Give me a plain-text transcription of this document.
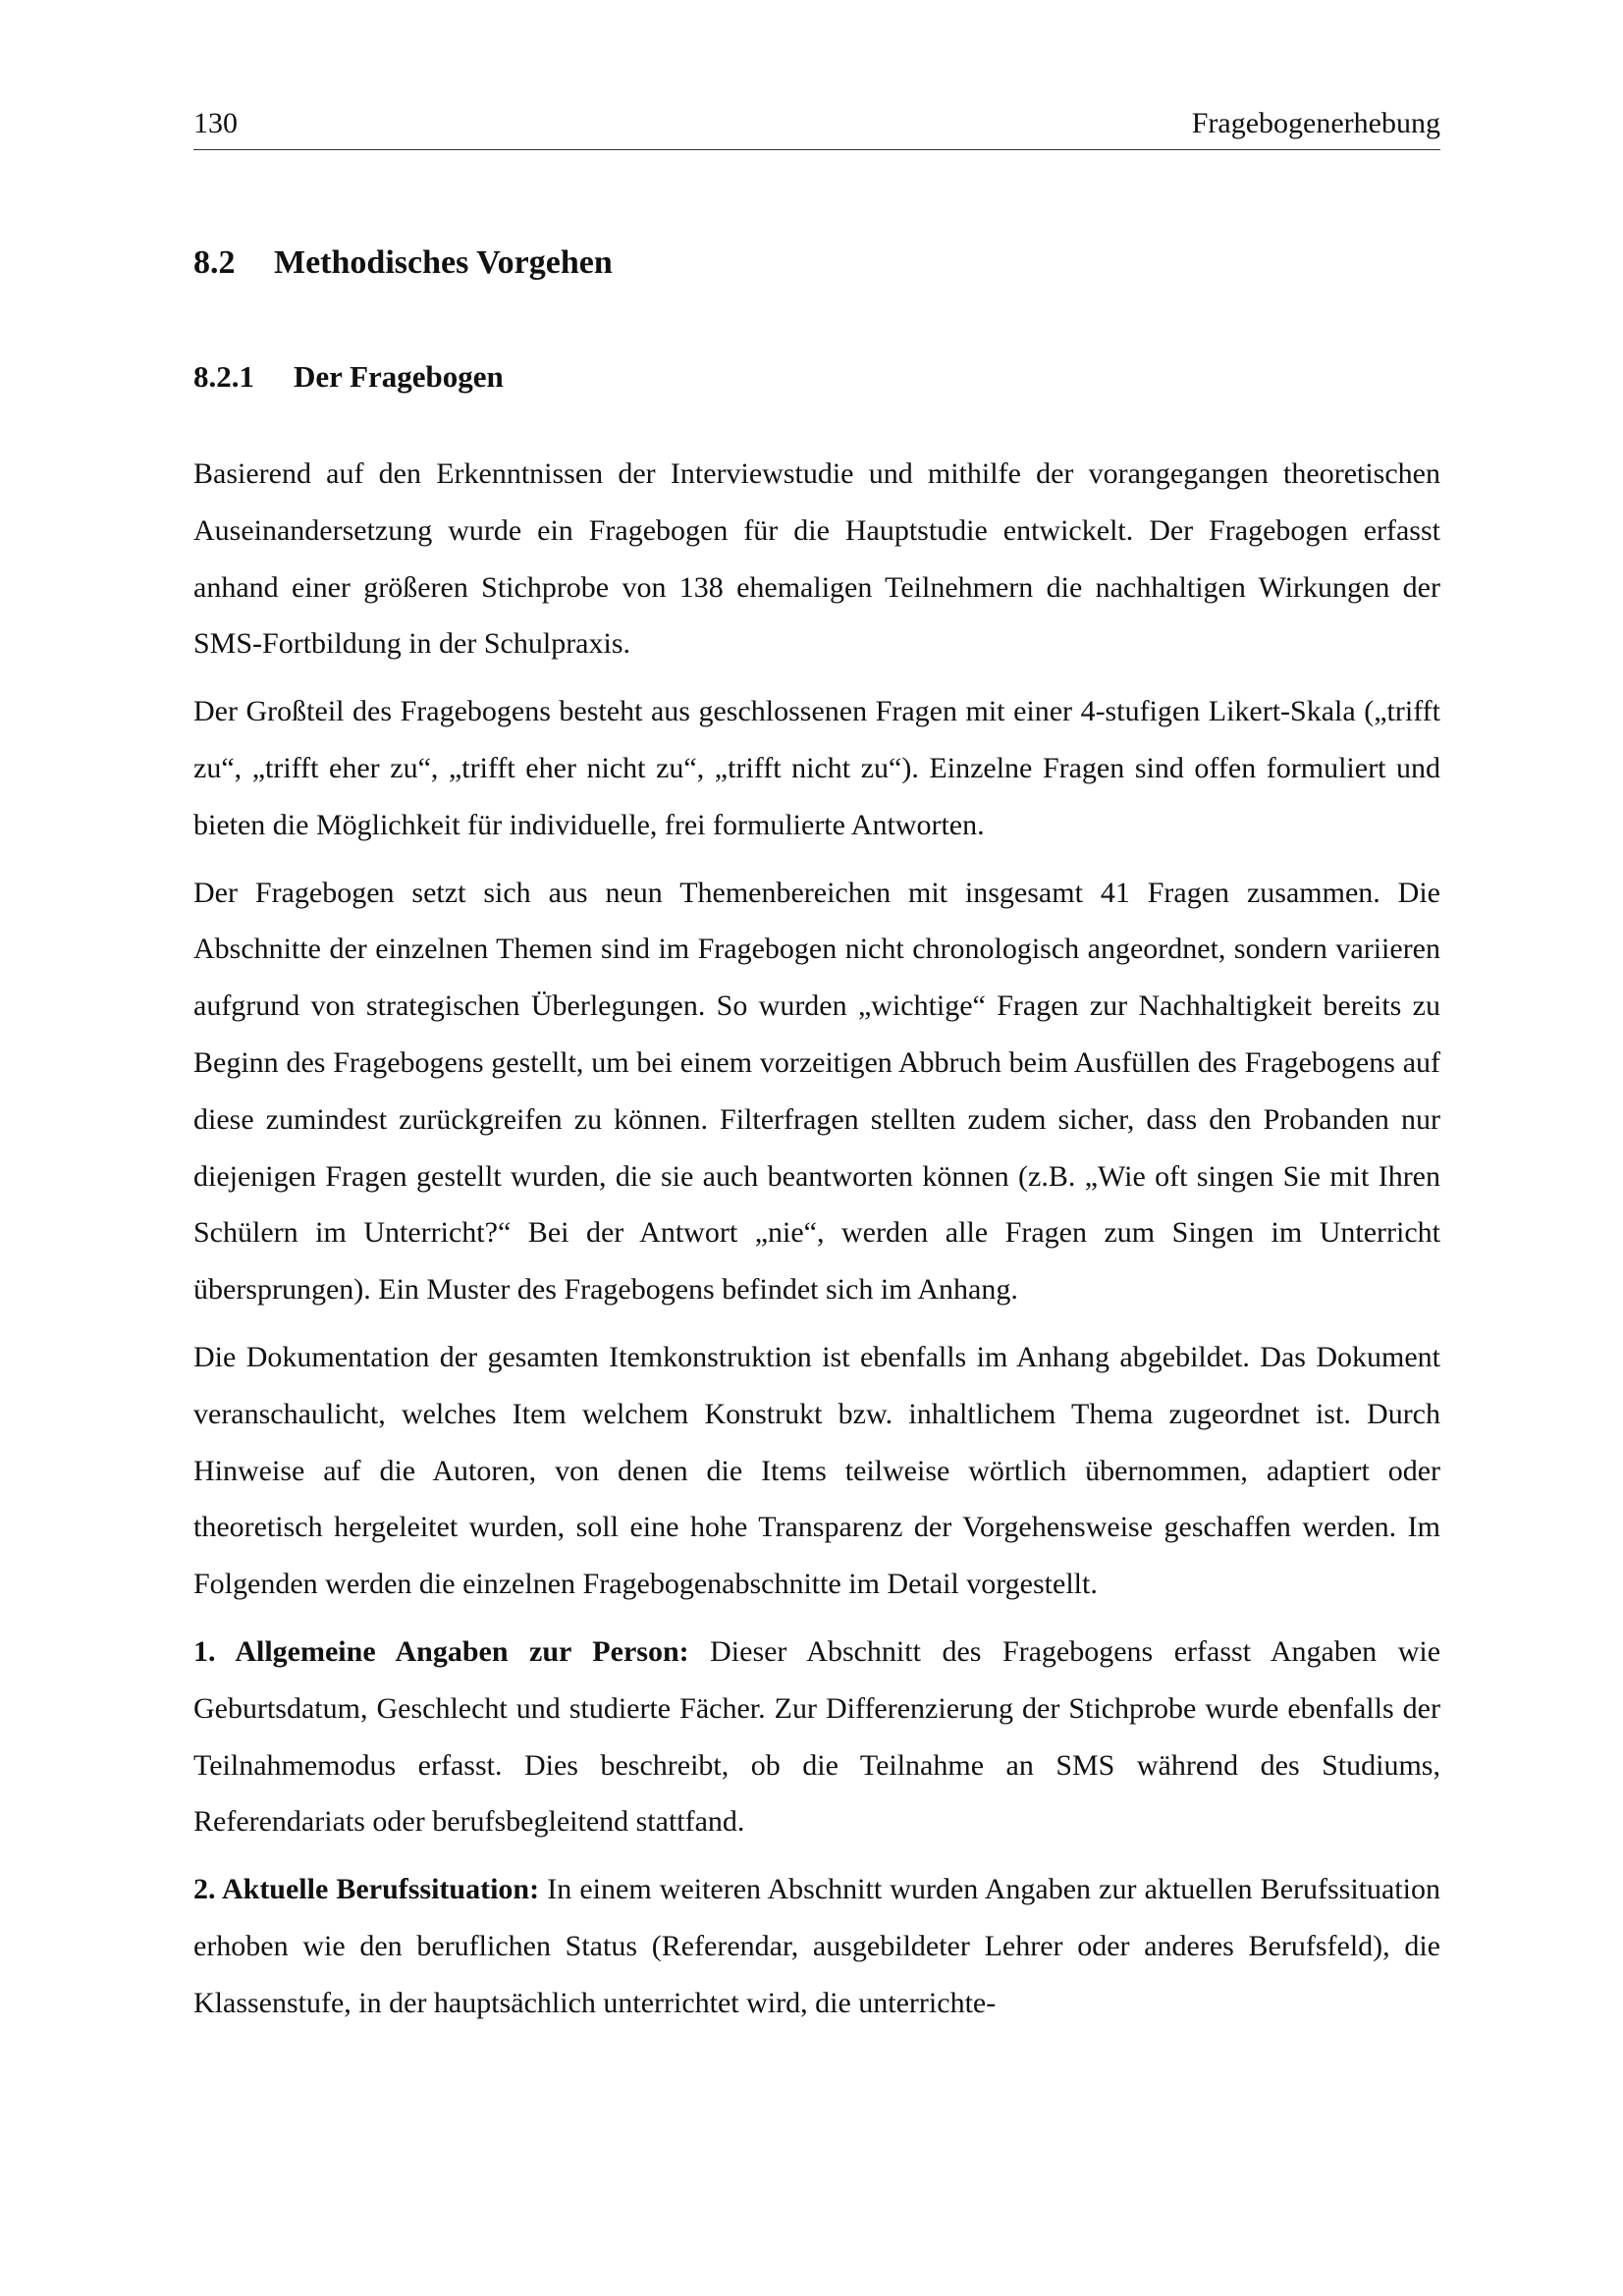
130	Fragebogenerhebung
8.2 Methodisches Vorgehen
8.2.1 Der Fragebogen

Basierend auf den Erkenntnissen der Interviewstudie und mithilfe der vorangegangen theoretischen Auseinandersetzung wurde ein Fragebogen für die Hauptstudie entwickelt. Der Fragebogen erfasst anhand einer größeren Stichprobe von 138 ehemaligen Teilnehmern die nachhaltigen Wirkungen der SMS-Fortbildung in der Schulpraxis.

Der Großteil des Fragebogens besteht aus geschlossenen Fragen mit einer 4-stufigen Likert-Skala („trifft zu“, „trifft eher zu“, „trifft eher nicht zu“, „trifft nicht zu“). Einzelne Fragen sind offen formuliert und bieten die Möglichkeit für individuelle, frei formulierte Antworten.

Der Fragebogen setzt sich aus neun Themenbereichen mit insgesamt 41 Fragen zusammen. Die Abschnitte der einzelnen Themen sind im Fragebogen nicht chronologisch angeordnet, sondern variieren aufgrund von strategischen Überlegungen. So wurden „wichtige“ Fragen zur Nachhaltigkeit bereits zu Beginn des Fragebogens gestellt, um bei einem vorzeitigen Abbruch beim Ausfüllen des Fragebogens auf diese zumindest zurückgreifen zu können. Filterfragen stellten zudem sicher, dass den Probanden nur diejenigen Fragen gestellt wurden, die sie auch beantworten können (z.B. „Wie oft singen Sie mit Ihren Schülern im Unterricht?“ Bei der Antwort „nie“, werden alle Fragen zum Singen im Unterricht übersprungen). Ein Muster des Fragebogens befindet sich im Anhang.

Die Dokumentation der gesamten Itemkonstruktion ist ebenfalls im Anhang abgebildet. Das Dokument veranschaulicht, welches Item welchem Konstrukt bzw. inhaltlichem Thema zugeordnet ist. Durch Hinweise auf die Autoren, von denen die Items teilweise wörtlich übernommen, adaptiert oder theoretisch hergeleitet wurden, soll eine hohe Transparenz der Vorgehensweise geschaffen werden. Im Folgenden werden die einzelnen Fragebogenabschnitte im Detail vorgestellt.

1. Allgemeine Angaben zur Person: Dieser Abschnitt des Fragebogens erfasst Angaben wie Geburtsdatum, Geschlecht und studierte Fächer. Zur Differenzierung der Stichprobe wurde ebenfalls der Teilnahmemodus erfasst. Dies beschreibt, ob die Teilnahme an SMS während des Studiums, Referendariats oder berufsbegleitend stattfand.

2. Aktuelle Berufssituation: In einem weiteren Abschnitt wurden Angaben zur aktuellen Berufssituation erhoben wie den beruflichen Status (Referendar, ausgebildeter Lehrer oder anderes Berufsfeld), die Klassenstufe, in der hauptsächlich unterrichtet wird, die unterrichte-
